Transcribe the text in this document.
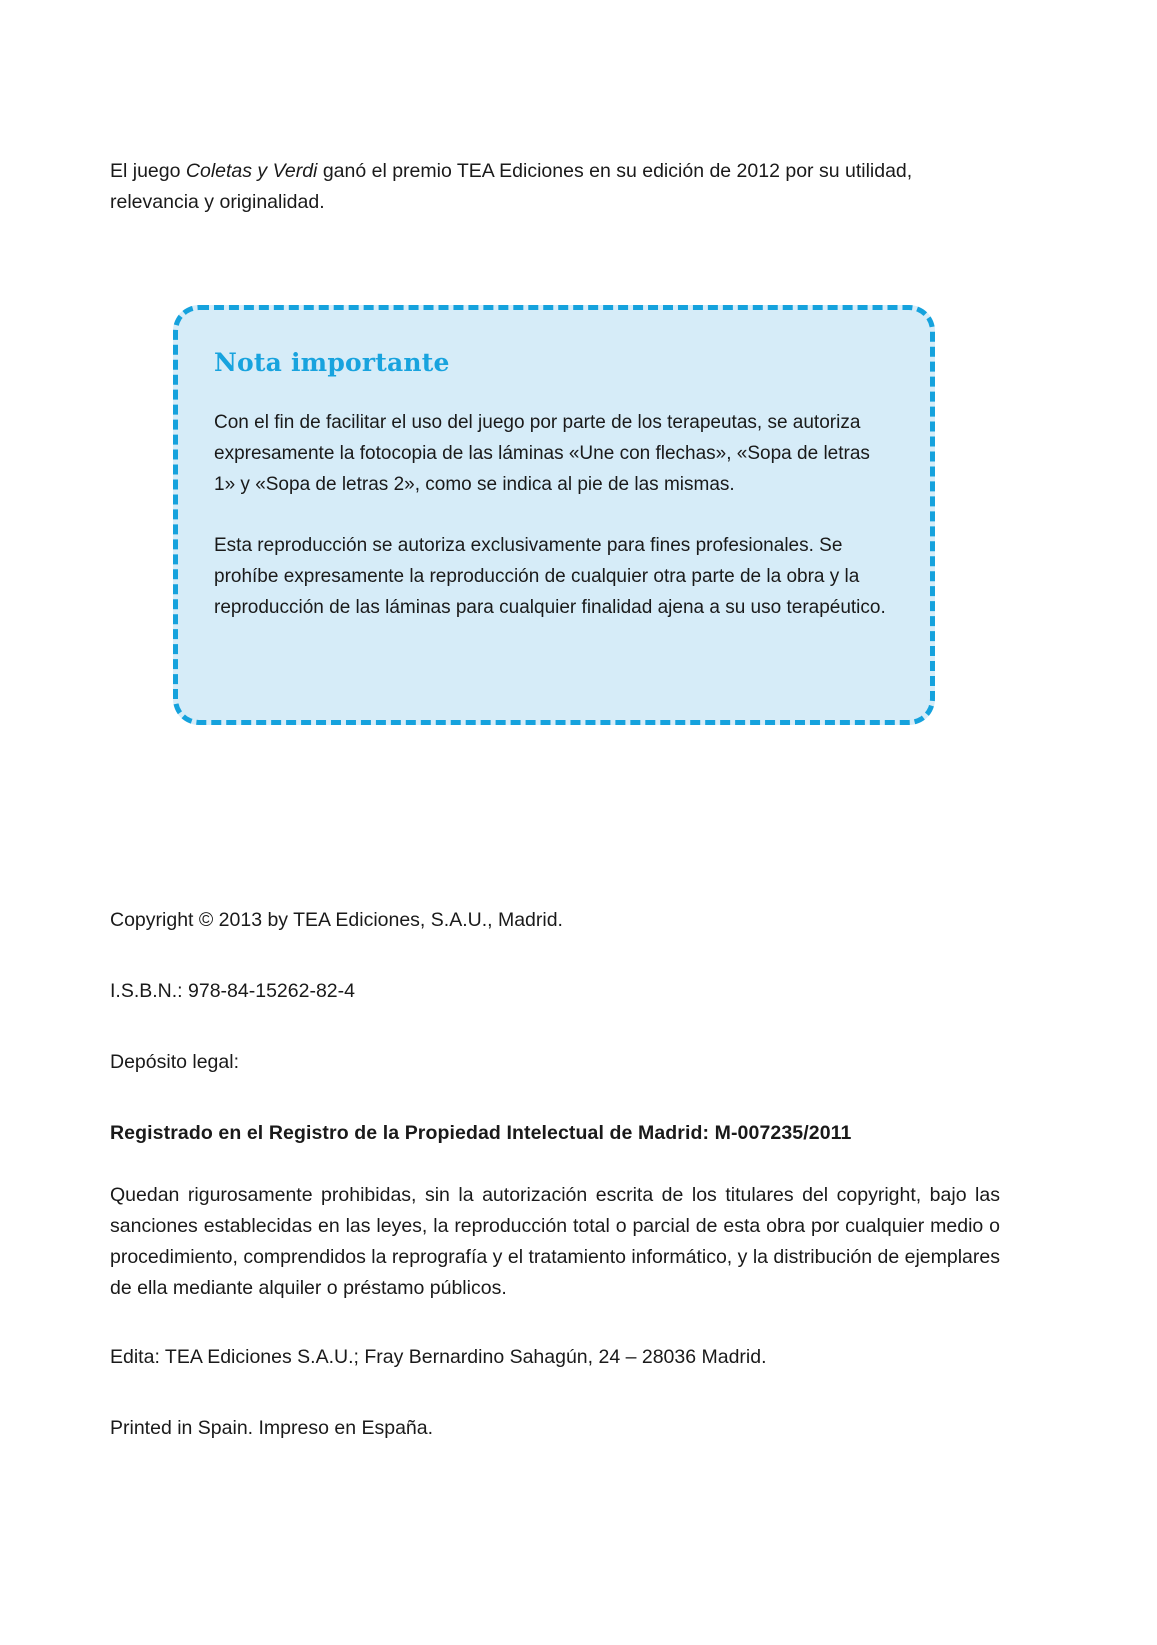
El juego Coletas y Verdi ganó el premio TEA Ediciones en su edición de 2012 por su utilidad, relevancia y originalidad.

Nota importante

Con el fin de facilitar el uso del juego por parte de los terapeutas, se autoriza expresamente la fotocopia de las láminas «Une con flechas», «Sopa de letras 1» y «Sopa de letras 2», como se indica al pie de las mismas.

Esta reproducción se autoriza exclusivamente para fines profesionales. Se prohíbe expresamente la reproducción de cualquier otra parte de la obra y la reproducción de las láminas para cualquier finalidad ajena a su uso terapéutico.

Copyright © 2013 by TEA Ediciones, S.A.U., Madrid.

I.S.B.N.: 978-84-15262-82-4

Depósito legal:

Registrado en el Registro de la Propiedad Intelectual de Madrid: M-007235/2011

Quedan rigurosamente prohibidas, sin la autorización escrita de los titulares del copyright, bajo las sanciones establecidas en las leyes, la reproducción total o parcial de esta obra por cualquier medio o procedimiento, comprendidos la reprografía y el tratamiento informático, y la distribución de ejemplares de ella mediante alquiler o préstamo públicos.

Edita: TEA Ediciones S.A.U.; Fray Bernardino Sahagún, 24 – 28036 Madrid.

Printed in Spain. Impreso en España.
